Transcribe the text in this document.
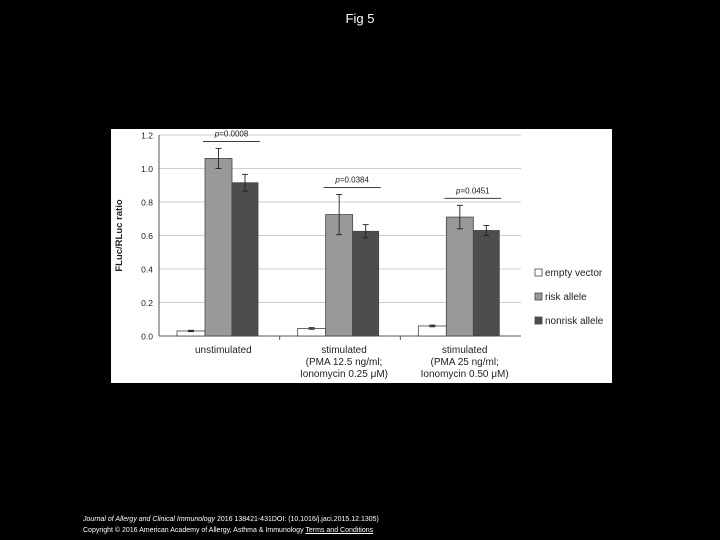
Fig 5
0.0
0.2
0.4
0.6
0.8
1.0
1.2
FLuc/RLuc ratio
unstimulated	stimulated
(PMA 12.5 ng/ml;
Ionomycin 0.25 μM)
stimulated
(PMA 25 ng/ml;
Ionomycin 0.50 μM)
p=0.0008
p=0.0384
p=0.0451
empty vector
risk allele
nonrisk allele
Journal of Allergy and Clinical Immunology 2016 138421-431DOI: (10.1016/j.jaci.2015.12.1305)
Copyright © 2016 American Academy of Allergy, Asthma & Immunology Terms and Conditions
